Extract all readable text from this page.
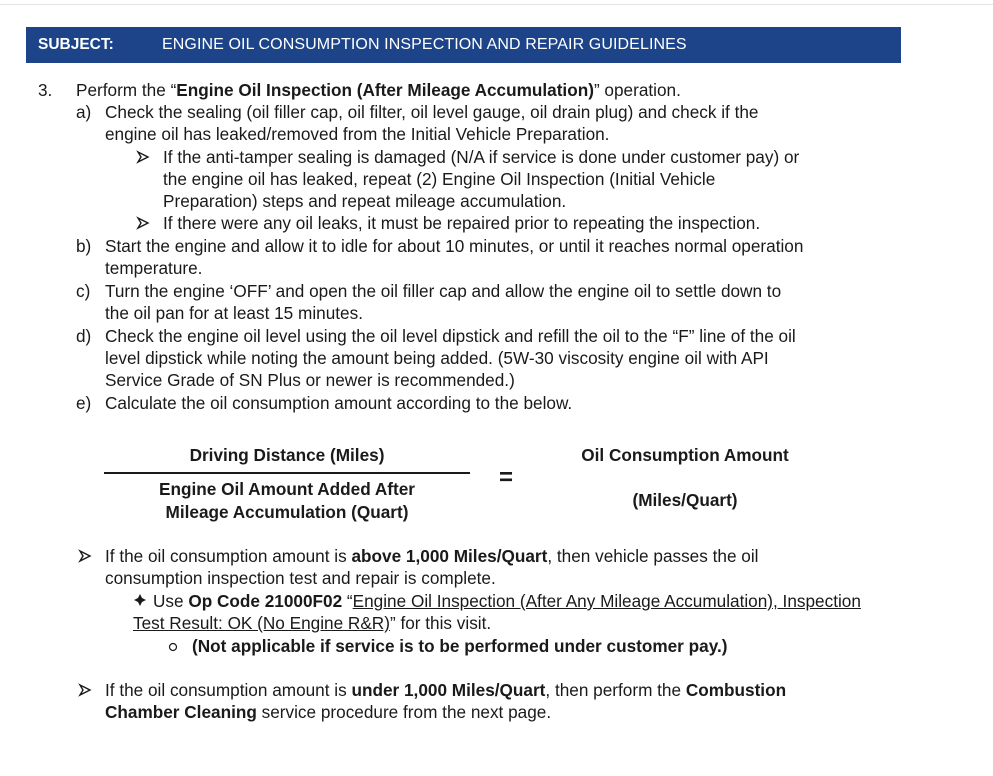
SUBJECT:	ENGINE OIL CONSUMPTION INSPECTION AND REPAIR GUIDELINES
3. Perform the “Engine Oil Inspection (After Mileage Accumulation)” operation.
a) Check the sealing (oil filler cap, oil filter, oil level gauge, oil drain plug) and check if the
engine oil has leaked/removed from the Initial Vehicle Preparation.
If the anti-tamper sealing is damaged (N/A if service is done under customer pay) or
the engine oil has leaked, repeat (2) Engine Oil Inspection (Initial Vehicle
Preparation) steps and repeat mileage accumulation.
If there were any oil leaks, it must be repaired prior to repeating the inspection.
b) Start the engine and allow it to idle for about 10 minutes, or until it reaches normal operation
temperature.
c) Turn the engine ‘OFF’ and open the oil filler cap and allow the engine oil to settle down to
the oil pan for at least 15 minutes.
d) Check the engine oil level using the oil level dipstick and refill the oil to the “F” line of the oil
level dipstick while noting the amount being added. (5W-30 viscosity engine oil with API
Service Grade of SN Plus or newer is recommended.)
e) Calculate the oil consumption amount according to the below.
Driving Distance (Miles)
Engine Oil Amount Added After
Mileage Accumulation (Quart)
=
Oil Consumption Amount
(Miles/Quart)
If the oil consumption amount is above 1,000 Miles/Quart, then vehicle passes the oil
consumption inspection test and repair is complete.
Use Op Code 21000F02 “Engine Oil Inspection (After Any Mileage Accumulation), Inspection
Test Result: OK (No Engine R&R)” for this visit.
(Not applicable if service is to be performed under customer pay.)
If the oil consumption amount is under 1,000 Miles/Quart, then perform the Combustion
Chamber Cleaning service procedure from the next page.
